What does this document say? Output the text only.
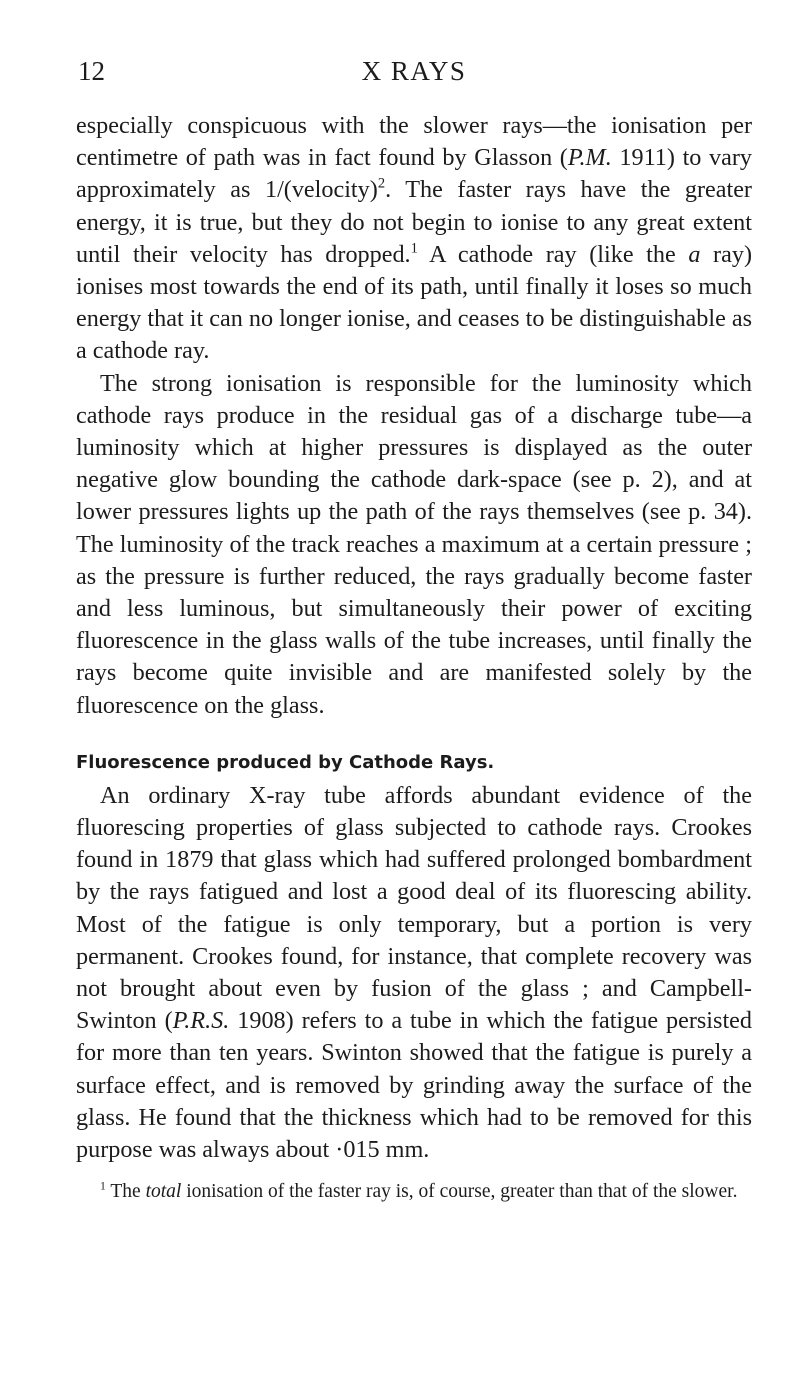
12	X RAYS

especially conspicuous with the slower rays—the ionisation per centimetre of path was in fact found by Glasson (P.M. 1911) to vary approximately as 1/(velocity)$^2$. The faster rays have the greater energy, it is true, but they do not begin to ionise to any great extent until their velocity has dropped.$^1$ A cathode ray (like the a ray) ionises most towards the end of its path, until finally it loses so much energy that it can no longer ionise, and ceases to be distinguishable as a cathode ray.

The strong ionisation is responsible for the luminosity which cathode rays produce in the residual gas of a discharge tube—a luminosity which at higher pressures is displayed as the outer negative glow bounding the cathode dark-space (see p. 2), and at lower pressures lights up the path of the rays themselves (see p. 34). The luminosity of the track reaches a maximum at a certain pressure ; as the pressure is further reduced, the rays gradually become faster and less luminous, but simultaneously their power of exciting fluorescence in the glass walls of the tube increases, until finally the rays become quite invisible and are manifested solely by the fluorescence on the glass.

Fluorescence produced by Cathode Rays.

An ordinary X-ray tube affords abundant evidence of the fluorescing properties of glass subjected to cathode rays. Crookes found in 1879 that glass which had suffered prolonged bombardment by the rays fatigued and lost a good deal of its fluorescing ability. Most of the fatigue is only temporary, but a portion is very permanent. Crookes found, for instance, that complete recovery was not brought about even by fusion of the glass ; and Campbell-Swinton (P.R.S. 1908) refers to a tube in which the fatigue persisted for more than ten years. Swinton showed that the fatigue is purely a surface effect, and is removed by grinding away the surface of the glass. He found that the thickness which had to be removed for this purpose was always about ·015 mm.

$^1$ The total ionisation of the faster ray is, of course, greater than that of the slower.
